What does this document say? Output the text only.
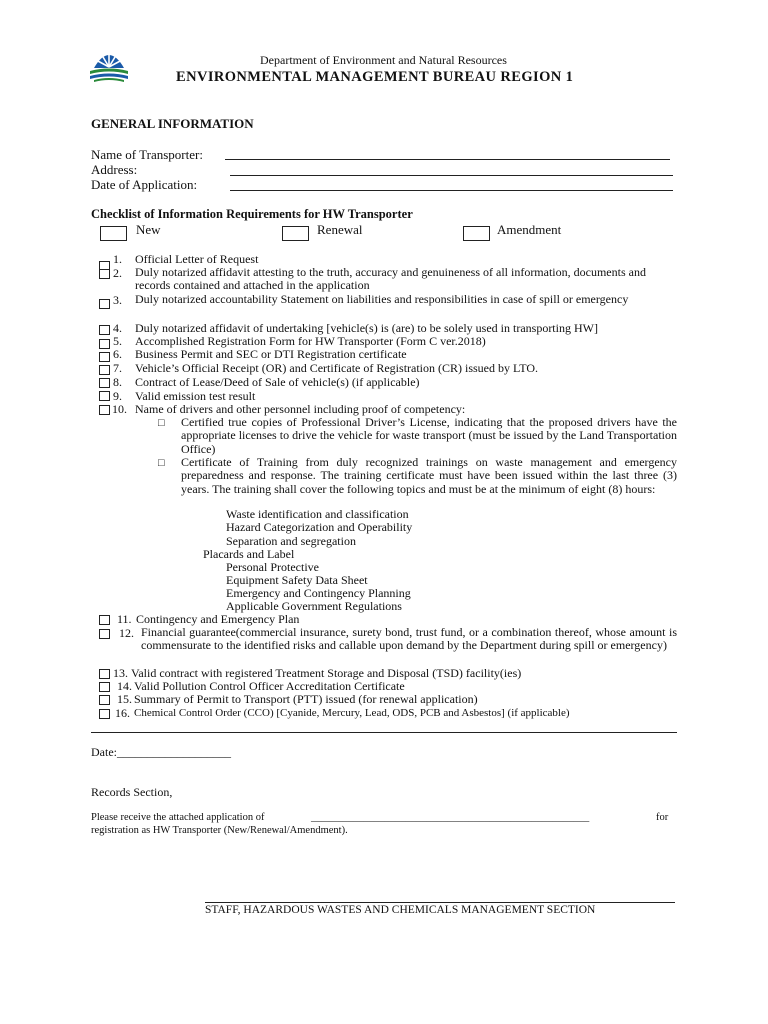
Department of Environment and Natural Resources
ENVIRONMENTAL MANAGEMENT BUREAU REGION 1
GENERAL INFORMATION
Name of Transporter:
Address:
Date of Application:
Checklist of Information Requirements for HW Transporter
New	Renewal	Amendment
1. Official Letter of Request
2. Duly notarized affidavit attesting to the truth, accuracy and genuineness of all information, documents and records contained and attached in the application
3. Duly notarized accountability Statement on liabilities and responsibilities in case of spill or emergency
4. Duly notarized affidavit of undertaking [vehicle(s) is (are) to be solely used in transporting HW]
5. Accomplished Registration Form for HW Transporter (Form C ver.2018)
6. Business Permit and SEC or DTI Registration certificate
7. Vehicle’s Official Receipt (OR) and Certificate of Registration (CR) issued by LTO.
8. Contract of Lease/Deed of Sale of vehicle(s) (if applicable)
9. Valid emission test result
10. Name of drivers and other personnel including proof of competency:
□ Certified true copies of Professional Driver’s License, indicating that the proposed drivers have the appropriate licenses to drive the vehicle for waste transport (must be issued by the Land Transportation Office)
□ Certificate of Training from duly recognized trainings on waste management and emergency preparedness and response. The training certificate must have been issued within the last three (3) years. The training shall cover the following topics and must be at the minimum of eight (8) hours:
Waste identification and classification
Hazard Categorization and Operability
Separation and segregation
Placards and Label
Personal Protective
Equipment Safety Data Sheet
Emergency and Contingency Planning
Applicable Government Regulations
11. Contingency and Emergency Plan
12. Financial guarantee(commercial insurance, surety bond, trust fund, or a combination thereof, whose amount is commensurate to the identified risks and callable upon demand by the Department during spill or emergency)
13. Valid contract with registered Treatment Storage and Disposal (TSD) facility(ies)
14. Valid Pollution Control Officer Accreditation Certificate
15. Summary of Permit to Transport (PTT) issued (for renewal application)
16. Chemical Control Order (CCO) [Cyanide, Mercury, Lead, ODS, PCB and Asbestos] (if applicable)
Date:___________________
Records Section,
Please receive the attached application of	_____________________________________________________	for
registration as HW Transporter (New/Renewal/Amendment).
STAFF, HAZARDOUS WASTES AND CHEMICALS MANAGEMENT SECTION
